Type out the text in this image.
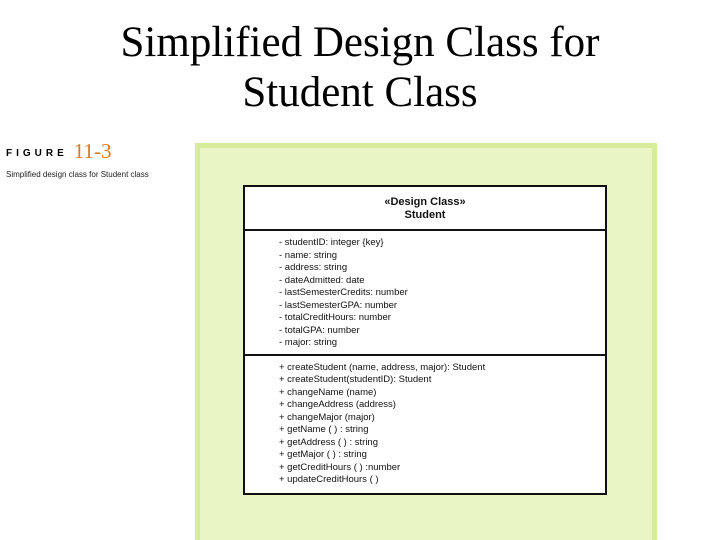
Simplified Design Class for
Student Class
FIGURE 11-3
Simplified design class for Student class
«Design Class»
Student
- studentID: integer {key}
- name: string
- address: string
- dateAdmitted: date
- lastSemesterCredits: number
- lastSemesterGPA: number
- totalCreditHours: number
- totalGPA: number
- major: string
+ createStudent (name, address, major): Student
+ createStudent(studentID): Student
+ changeName (name)
+ changeAddress (address)
+ changeMajor (major)
+ getName ( ) : string
+ getAddress ( ) : string
+ getMajor ( ) : string
+ getCreditHours ( ) :number
+ updateCreditHours ( )
